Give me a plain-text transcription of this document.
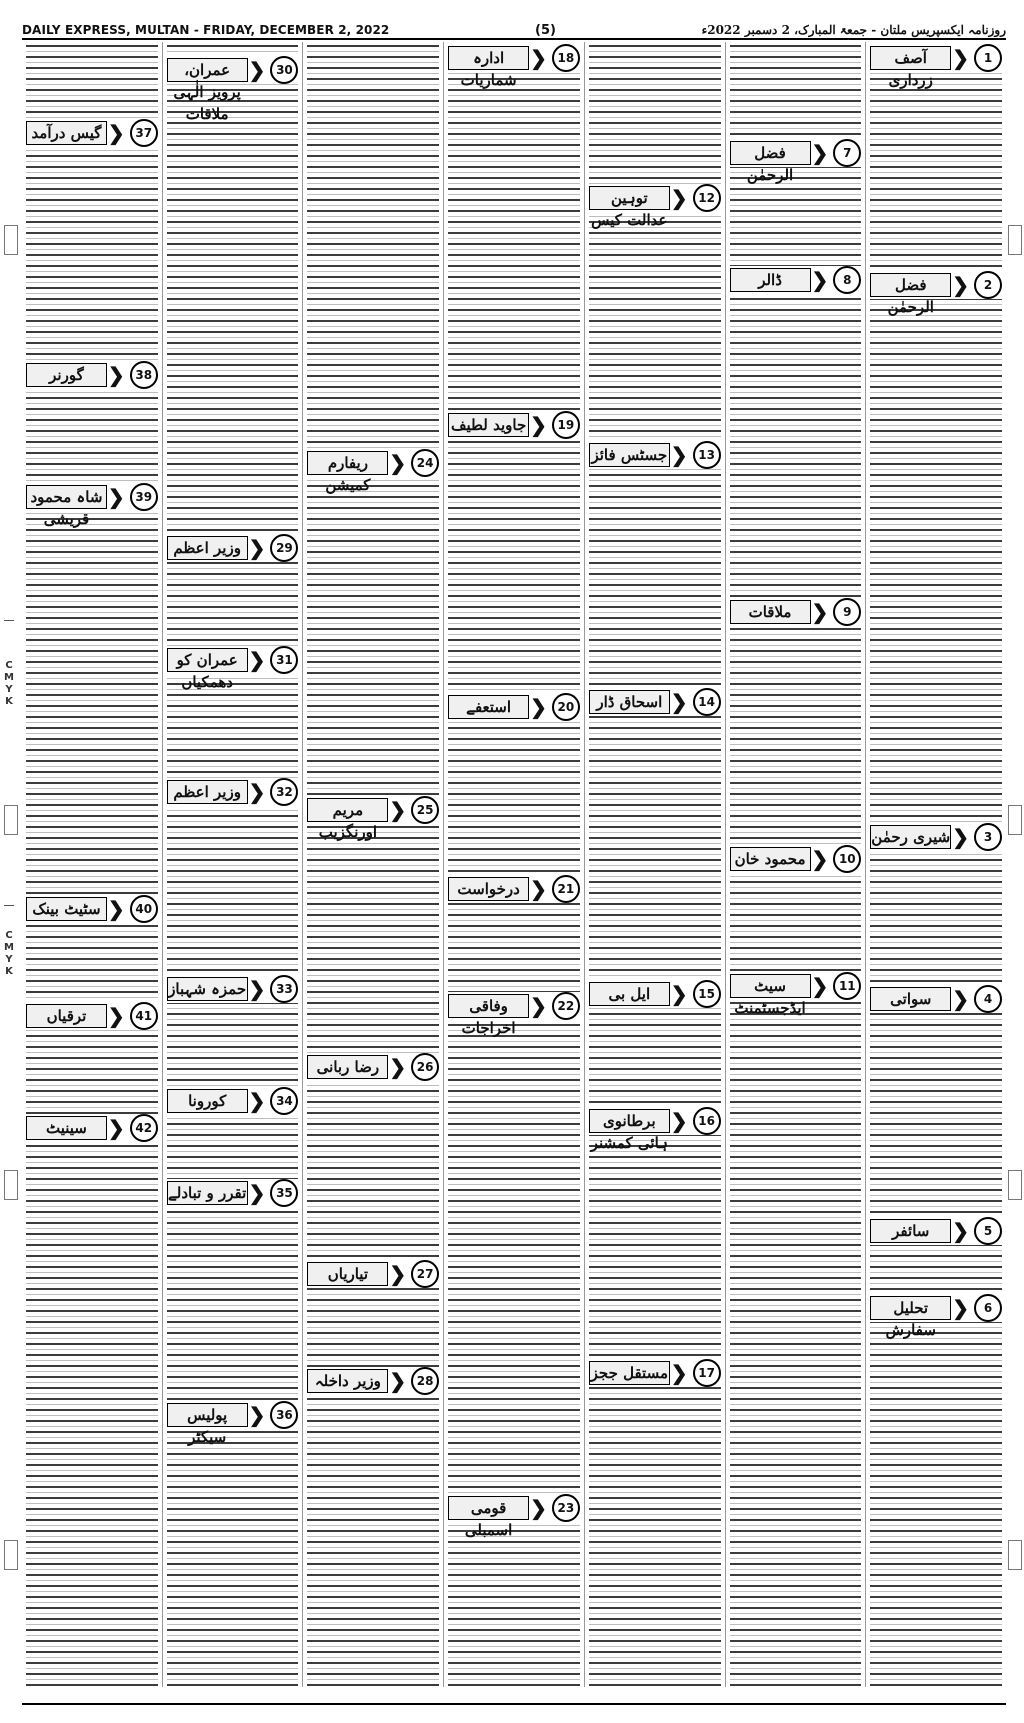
C
M
Y
K
C
M
Y
K
DAILY EXPRESS, MULTAN - FRIDAY, DECEMBER 2, 2022	(5)	روزنامہ ایکسپریس ملتان - جمعۃ المبارک، 2 دسمبر 2022ء
1
❮
آصف زرداری
2
❮
فضل الرحمٰن
3
❮
شیری رحمٰن
4
❮
سواتی
5
❮
سائفر
6
❮
تحلیل سفارش
7
❮
فضل الرحمٰن
8
❮
ڈالر
9
❮
ملاقات
10
❮
محمود خان
11
❮
سیٹ ایڈجسٹمنٹ
12
❮
توہین عدالت کیس
13
❮
جسٹس فائز
14
❮
اسحاق ڈار
15
❮
ایل بی
16
❮
برطانوی ہائی کمشنر
17
❮
مستقل ججز
18
❮
ادارہ شماریات
19
❮
جاوید لطیف
20
❮
استعفے
21
❮
درخواست
22
❮
وفاقی اخراجات
23
❮
قومی اسمبلی
24
❮
ریفارم کمیشن
25
❮
مریم اورنگزیب
26
❮
رضا ربانی
27
❮
تیاریاں
28
❮
وزیر داخلہ
29
❮
وزیر اعظم
30
❮
عمران، پرویز الٰہی ملاقات
31
❮
عمران کو دھمکیاں
32
❮
وزیر اعظم
33
❮
حمزہ شہباز
34
❮
کورونا
35
❮
تقرر و تبادلے
36
❮
پولیس سیکٹر
37
❮
گیس درآمد
38
❮
گورنر
39
❮
شاہ محمود قریشی
40
❮
سٹیٹ بینک
41
❮
ترقیاں
42
❮
سینیٹ
